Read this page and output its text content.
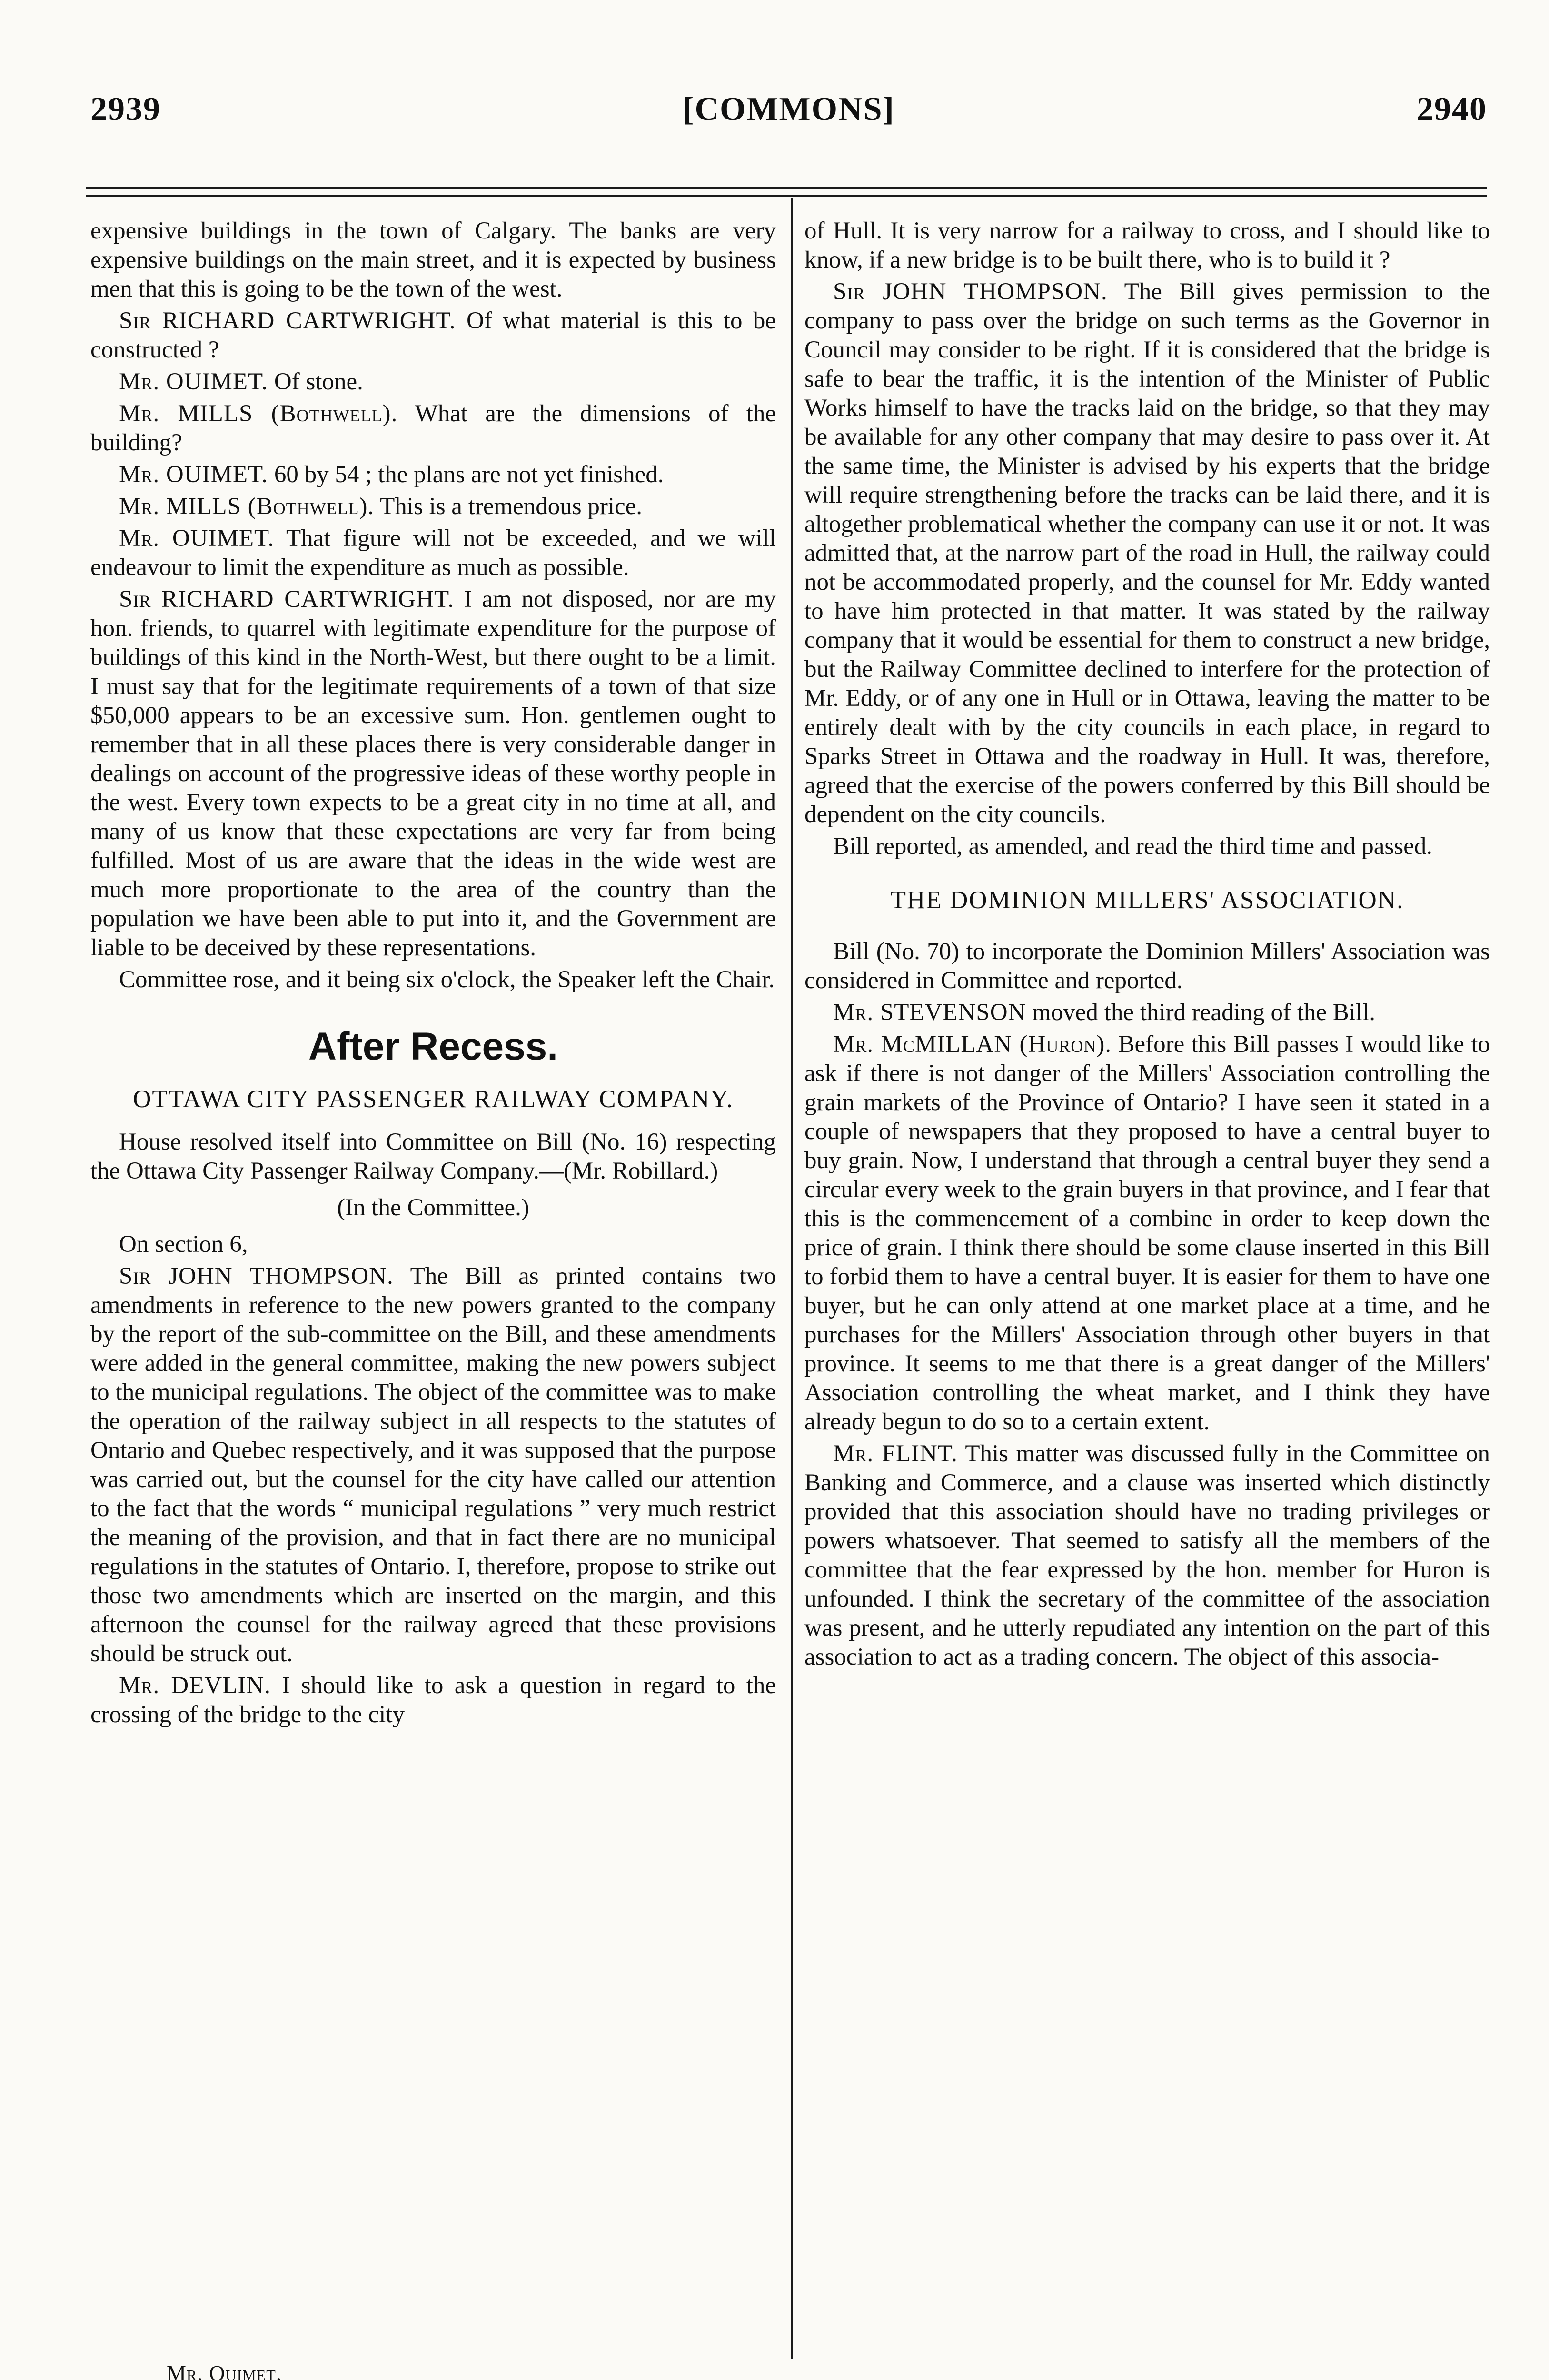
2939	[COMMONS]	2940

expensive buildings in the town of Calgary. The banks are very expensive buildings on the main street, and it is expected by business men that this is going to be the town of the west.

Sir RICHARD CARTWRIGHT. Of what material is this to be constructed ?

Mr. OUIMET. Of stone.

Mr. MILLS (Bothwell). What are the dimensions of the building?

Mr. OUIMET. 60 by 54 ; the plans are not yet finished.

Mr. MILLS (Bothwell). This is a tremendous price.

Mr. OUIMET. That figure will not be exceeded, and we will endeavour to limit the expenditure as much as possible.

Sir RICHARD CARTWRIGHT. I am not disposed, nor are my hon. friends, to quarrel with legitimate expenditure for the purpose of buildings of this kind in the North-West, but there ought to be a limit. I must say that for the legitimate requirements of a town of that size $50,000 appears to be an excessive sum. Hon. gentlemen ought to remember that in all these places there is very considerable danger in dealings on account of the progressive ideas of these worthy people in the west. Every town expects to be a great city in no time at all, and many of us know that these expectations are very far from being fulfilled. Most of us are aware that the ideas in the wide west are much more proportionate to the area of the country than the population we have been able to put into it, and the Government are liable to be deceived by these representations.

Committee rose, and it being six o'clock, the Speaker left the Chair.

After Recess.
OTTAWA CITY PASSENGER RAILWAY COMPANY.

House resolved itself into Committee on Bill (No. 16) respecting the Ottawa City Passenger Railway Company.—(Mr. Robillard.)

(In the Committee.)

On section 6,

Sir JOHN THOMPSON. The Bill as printed contains two amendments in reference to the new powers granted to the company by the report of the sub-committee on the Bill, and these amendments were added in the general committee, making the new powers subject to the municipal regulations. The object of the committee was to make the operation of the railway subject in all respects to the statutes of Ontario and Quebec respectively, and it was supposed that the purpose was carried out, but the counsel for the city have called our attention to the fact that the words “ municipal regulations ” very much restrict the meaning of the provision, and that in fact there are no municipal regulations in the statutes of Ontario. I, therefore, propose to strike out those two amendments which are inserted on the margin, and this afternoon the counsel for the railway agreed that these provisions should be struck out.

Mr. DEVLIN. I should like to ask a question in regard to the crossing of the bridge to the city

of Hull. It is very narrow for a railway to cross, and I should like to know, if a new bridge is to be built there, who is to build it ?

Sir JOHN THOMPSON. The Bill gives permission to the company to pass over the bridge on such terms as the Governor in Council may consider to be right. If it is considered that the bridge is safe to bear the traffic, it is the intention of the Minister of Public Works himself to have the tracks laid on the bridge, so that they may be available for any other company that may desire to pass over it. At the same time, the Minister is advised by his experts that the bridge will require strengthening before the tracks can be laid there, and it is altogether problematical whether the company can use it or not. It was admitted that, at the narrow part of the road in Hull, the railway could not be accommodated properly, and the counsel for Mr. Eddy wanted to have him protected in that matter. It was stated by the railway company that it would be essential for them to construct a new bridge, but the Railway Committee declined to interfere for the protection of Mr. Eddy, or of any one in Hull or in Ottawa, leaving the matter to be entirely dealt with by the city councils in each place, in regard to Sparks Street in Ottawa and the roadway in Hull. It was, therefore, agreed that the exercise of the powers conferred by this Bill should be dependent on the city councils.

Bill reported, as amended, and read the third time and passed.

THE DOMINION MILLERS' ASSOCIATION.

Bill (No. 70) to incorporate the Dominion Millers' Association was considered in Committee and reported.

Mr. STEVENSON moved the third reading of the Bill.

Mr. McMILLAN (Huron). Before this Bill passes I would like to ask if there is not danger of the Millers' Association controlling the grain markets of the Province of Ontario? I have seen it stated in a couple of newspapers that they proposed to have a central buyer to buy grain. Now, I understand that through a central buyer they send a circular every week to the grain buyers in that province, and I fear that this is the commencement of a combine in order to keep down the price of grain. I think there should be some clause inserted in this Bill to forbid them to have a central buyer. It is easier for them to have one buyer, but he can only attend at one market place at a time, and he purchases for the Millers' Association through other buyers in that province. It seems to me that there is a great danger of the Millers' Association controlling the wheat market, and I think they have already begun to do so to a certain extent.

Mr. FLINT. This matter was discussed fully in the Committee on Banking and Commerce, and a clause was inserted which distinctly provided that this association should have no trading privileges or powers whatsoever. That seemed to satisfy all the members of the committee that the fear expressed by the hon. member for Huron is unfounded. I think the secretary of the committee of the association was present, and he utterly repudiated any intention on the part of this association to act as a trading concern. The object of this associa-

Mr. Ouimet.
